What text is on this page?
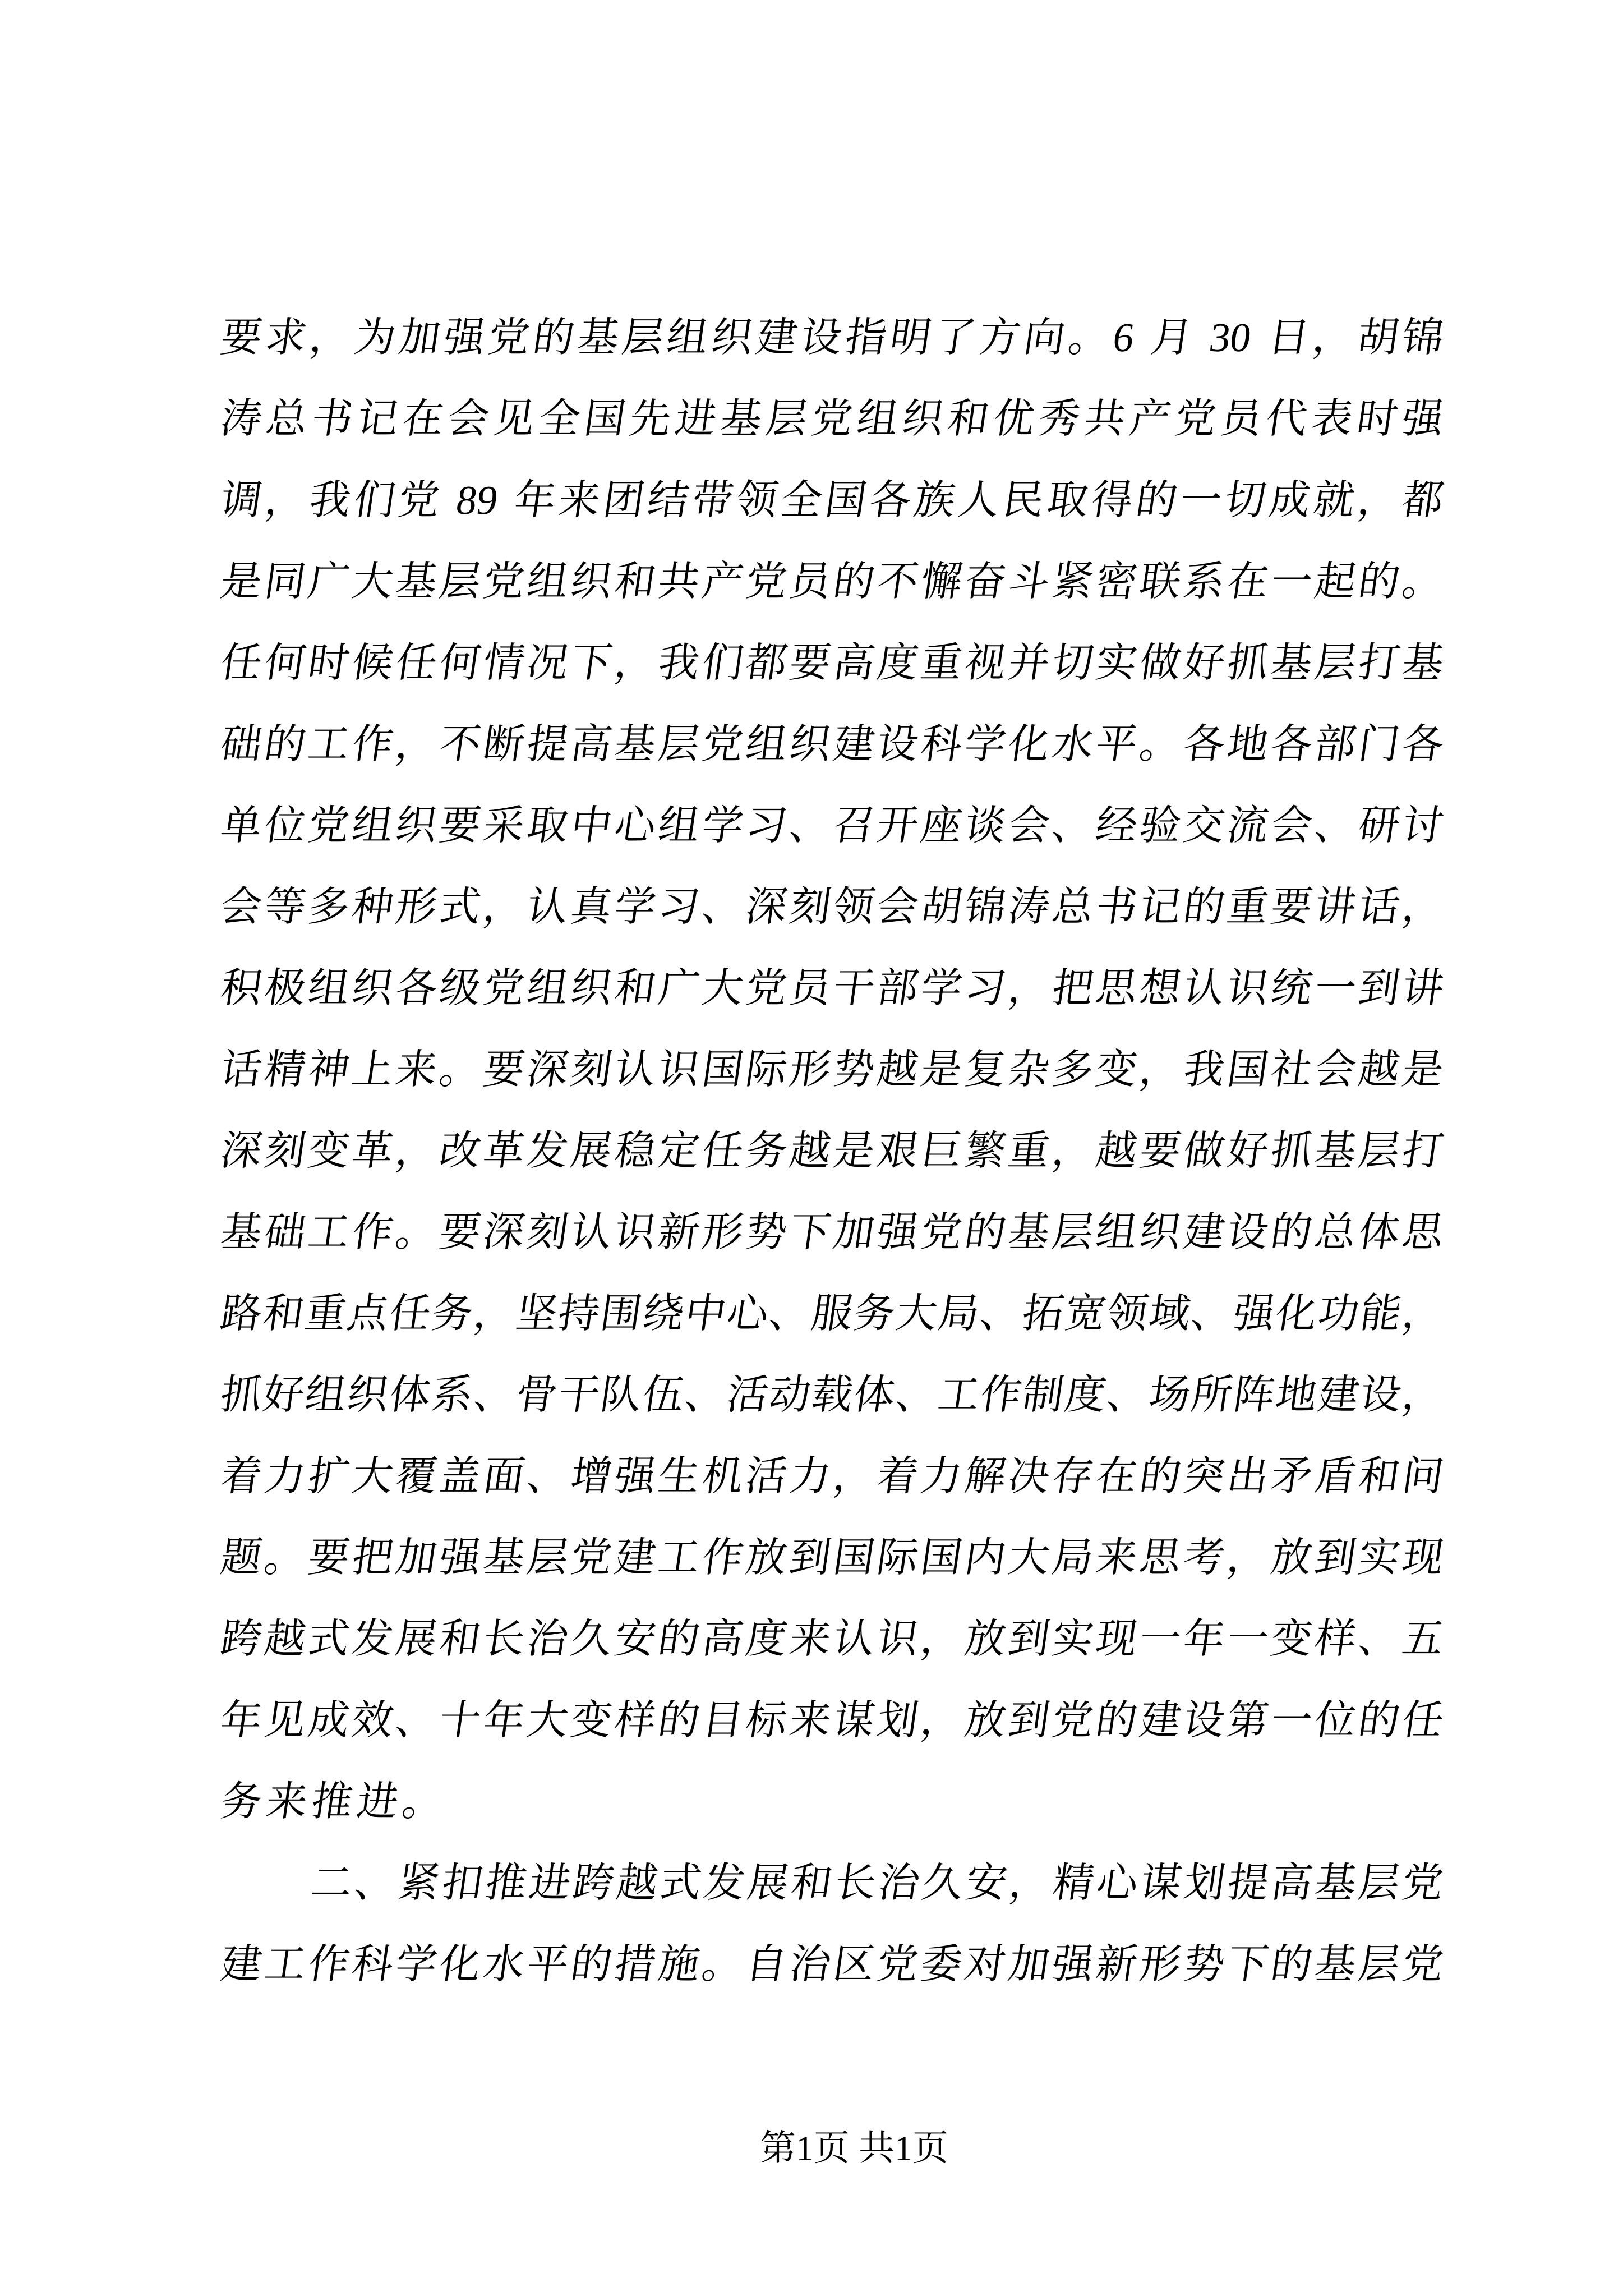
要
求
，
为
加
强
党
的
基
层
组
织
建
设
指
明
了
方
向
。
6
月
30
日
，
胡
锦
涛
总
书
记
在
会
见
全
国
先
进
基
层
党
组
织
和
优
秀
共
产
党
员
代
表
时
强
调
，
我
们
党
89
年
来
团
结
带
领
全
国
各
族
人
民
取
得
的
一
切
成
就
，
都
是
同
广
大
基
层
党
组
织
和
共
产
党
员
的
不
懈
奋
斗
紧
密
联
系
在
一
起
的
。
任
何
时
候
任
何
情
况
下
，
我
们
都
要
高
度
重
视
并
切
实
做
好
抓
基
层
打
基
础
的
工
作
，
不
断
提
高
基
层
党
组
织
建
设
科
学
化
水
平
。
各
地
各
部
门
各
单
位
党
组
织
要
采
取
中
心
组
学
习
、
召
开
座
谈
会
、
经
验
交
流
会
、
研
讨
会
等
多
种
形
式
，
认
真
学
习
、
深
刻
领
会
胡
锦
涛
总
书
记
的
重
要
讲
话
，
积
极
组
织
各
级
党
组
织
和
广
大
党
员
干
部
学
习
，
把
思
想
认
识
统
一
到
讲
话
精
神
上
来
。
要
深
刻
认
识
国
际
形
势
越
是
复
杂
多
变
，
我
国
社
会
越
是
深
刻
变
革
，
改
革
发
展
稳
定
任
务
越
是
艰
巨
繁
重
，
越
要
做
好
抓
基
层
打
基
础
工
作
。
要
深
刻
认
识
新
形
势
下
加
强
党
的
基
层
组
织
建
设
的
总
体
思
路
和
重
点
任
务
，
坚
持
围
绕
中
心
、
服
务
大
局
、
拓
宽
领
域
、
强
化
功
能
，
抓
好
组
织
体
系
、
骨
干
队
伍
、
活
动
载
体
、
工
作
制
度
、
场
所
阵
地
建
设
，
着
力
扩
大
覆
盖
面
、
增
强
生
机
活
力
，
着
力
解
决
存
在
的
突
出
矛
盾
和
问
题
。
要
把
加
强
基
层
党
建
工
作
放
到
国
际
国
内
大
局
来
思
考
，
放
到
实
现
跨
越
式
发
展
和
长
治
久
安
的
高
度
来
认
识
，
放
到
实
现
一
年
一
变
样
、
五
年
见
成
效
、
十
年
大
变
样
的
目
标
来
谋
划
，
放
到
党
的
建
设
第
一
位
的
任
务
来
推
进
。
二
、
紧
扣
推
进
跨
越
式
发
展
和
长
治
久
安
，
精
心
谋
划
提
高
基
层
党
建
工
作
科
学
化
水
平
的
措
施
。
自
治
区
党
委
对
加
强
新
形
势
下
的
基
层
党
第1页 共1页
